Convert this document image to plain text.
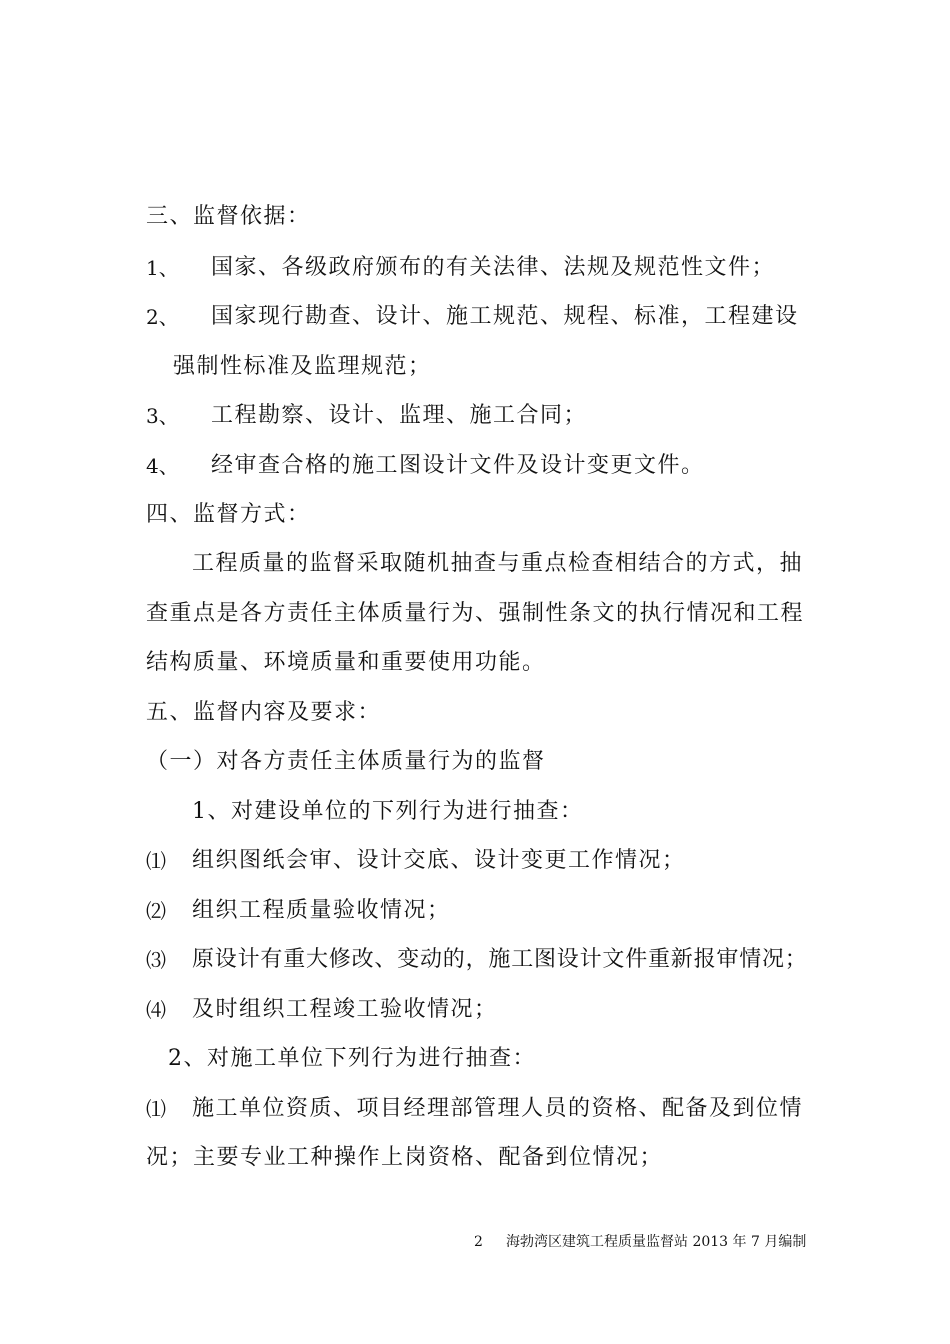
三、监督依据：
1、 国家、各级政府颁布的有关法律、法规及规范性文件；
2、 国家现行勘查、设计、施工规范、规程、标准，工程建设
强制性标准及监理规范；
3、 工程勘察、设计、监理、施工合同；
4、 经审查合格的施工图设计文件及设计变更文件。
四、监督方式：
工程质量的监督采取随机抽查与重点检查相结合的方式，抽
查重点是各方责任主体质量行为、强制性条文的执行情况和工程
结构质量、环境质量和重要使用功能。
五、监督内容及要求：
（一）对各方责任主体质量行为的监督
1、对建设单位的下列行为进行抽查：
⑴ 组织图纸会审、设计交底、设计变更工作情况；
⑵ 组织工程质量验收情况；
⑶ 原设计有重大修改、变动的，施工图设计文件重新报审情况；
⑷ 及时组织工程竣工验收情况；
2、对施工单位下列行为进行抽查：
⑴ 施工单位资质、项目经理部管理人员的资格、配备及到位情
况；主要专业工种操作上岗资格、配备到位情况；
2 海勃湾区建筑工程质量监督站 2013 年 7 月编制
